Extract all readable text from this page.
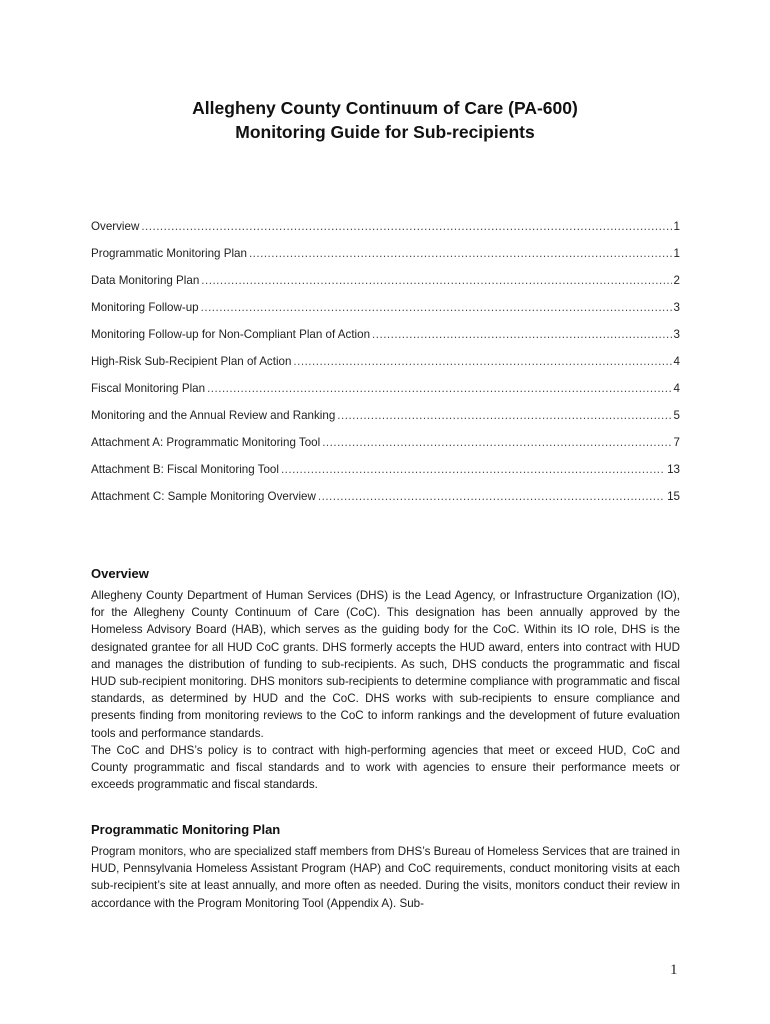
Allegheny County Continuum of Care (PA-600)
Monitoring Guide for Sub-recipients
Overview .....	1
Programmatic Monitoring Plan .....	1
Data Monitoring Plan .....	2
Monitoring Follow-up .....	3
Monitoring Follow-up for Non-Compliant Plan of Action .....	3
High-Risk Sub-Recipient Plan of Action .....	4
Fiscal Monitoring Plan .....	4
Monitoring and the Annual Review and Ranking .....	5
Attachment A: Programmatic Monitoring Tool .....	7
Attachment B: Fiscal Monitoring Tool .....	13
Attachment C: Sample Monitoring Overview .....	15
Overview

Allegheny County Department of Human Services (DHS) is the Lead Agency, or Infrastructure Organization (IO), for the Allegheny County Continuum of Care (CoC). This designation has been annually approved by the Homeless Advisory Board (HAB), which serves as the guiding body for the CoC. Within its IO role, DHS is the designated grantee for all HUD CoC grants. DHS formerly accepts the HUD award, enters into contract with HUD and manages the distribution of funding to sub-recipients. As such, DHS conducts the programmatic and fiscal HUD sub-recipient monitoring. DHS monitors sub-recipients to determine compliance with programmatic and fiscal standards, as determined by HUD and the CoC. DHS works with sub-recipients to ensure compliance and presents finding from monitoring reviews to the CoC to inform rankings and the development of future evaluation tools and performance standards.

The CoC and DHS’s policy is to contract with high-performing agencies that meet or exceed HUD, CoC and County programmatic and fiscal standards and to work with agencies to ensure their performance meets or exceeds programmatic and fiscal standards.

Programmatic Monitoring Plan

Program monitors, who are specialized staff members from DHS’s Bureau of Homeless Services that are trained in HUD, Pennsylvania Homeless Assistant Program (HAP) and CoC requirements, conduct monitoring visits at each sub-recipient’s site at least annually, and more often as needed. During the visits, monitors conduct their review in accordance with the Program Monitoring Tool (Appendix A). Sub-

1
